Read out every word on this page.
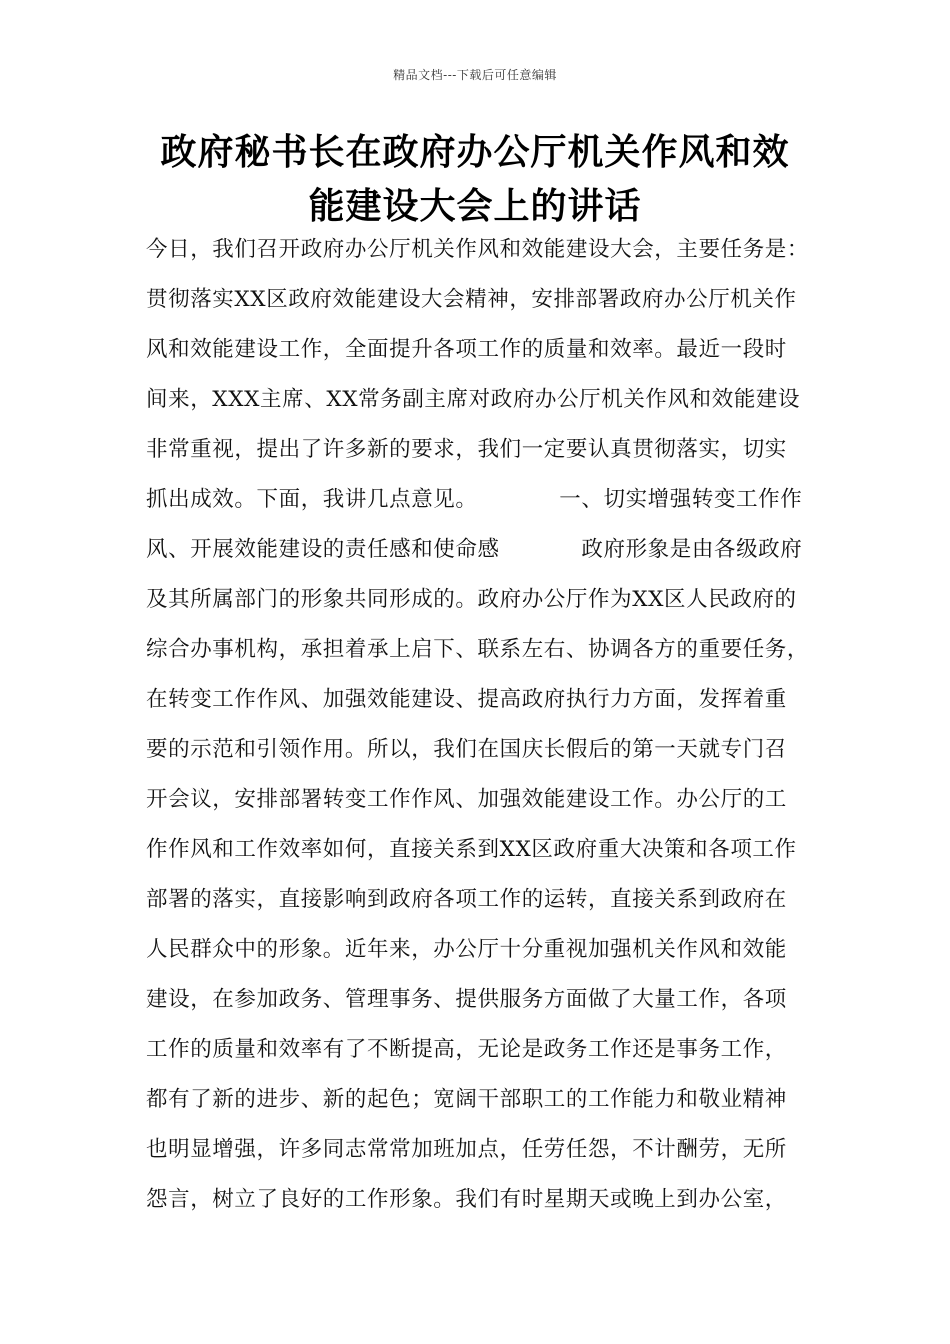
精品文档---下载后可任意编辑
政府秘书长在政府办公厅机关作风和效
能建设大会上的讲话
今日，我们召开政府办公厅机关作风和效能建设大会，主要任务是：
贯彻落实XX区政府效能建设大会精神，安排部署政府办公厅机关作
风和效能建设工作，全面提升各项工作的质量和效率。最近一段时
间来，XXX主席、XX常务副主席对政府办公厅机关作风和效能建设
非常重视，提出了许多新的要求，我们一定要认真贯彻落实，切实
抓出成效。下面，我讲几点意见。           一、切实增强转变工作作
风、开展效能建设的责任感和使命感           政府形象是由各级政府
及其所属部门的形象共同形成的。政府办公厅作为XX区人民政府的
综合办事机构，承担着承上启下、联系左右、协调各方的重要任务，
在转变工作作风、加强效能建设、提高政府执行力方面，发挥着重
要的示范和引领作用。所以，我们在国庆长假后的第一天就专门召
开会议，安排部署转变工作作风、加强效能建设工作。办公厅的工
作作风和工作效率如何，直接关系到XX区政府重大决策和各项工作
部署的落实，直接影响到政府各项工作的运转，直接关系到政府在
人民群众中的形象。近年来，办公厅十分重视加强机关作风和效能
建设，在参加政务、管理事务、提供服务方面做了大量工作，各项
工作的质量和效率有了不断提高，无论是政务工作还是事务工作，
都有了新的进步、新的起色；宽阔干部职工的工作能力和敬业精神
也明显增强，许多同志常常加班加点，任劳任怨，不计酬劳，无所
怨言，树立了良好的工作形象。我们有时星期天或晚上到办公室，
